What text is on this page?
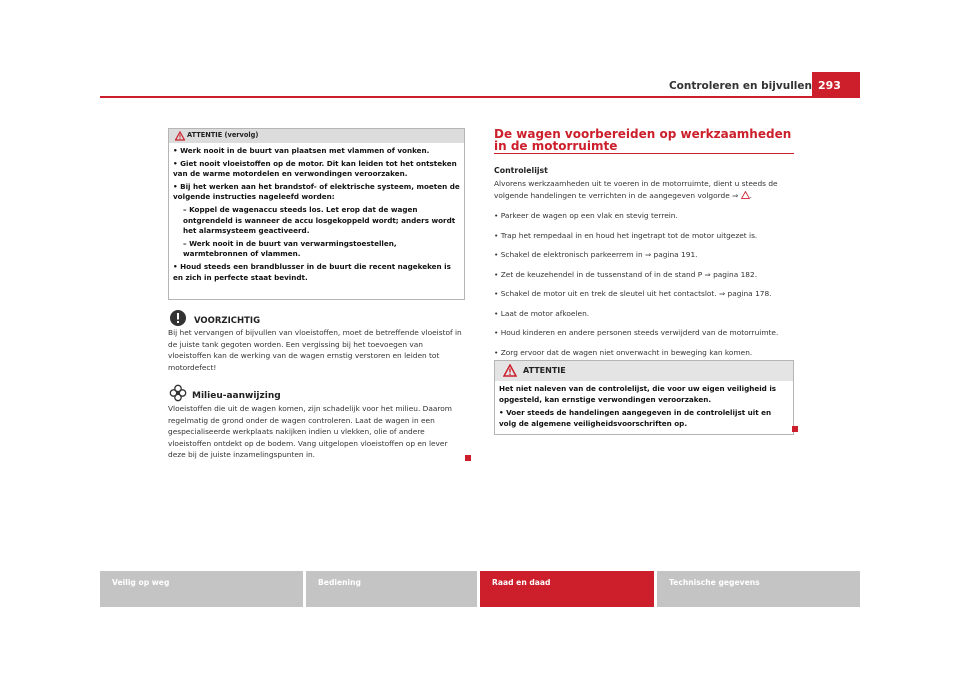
Controleren en bijvullen 293
ATTENTIE (vervolg)

• Werk nooit in de buurt van plaatsen met vlammen of vonken.

• Giet nooit vloeistoffen op de motor. Dit kan leiden tot het ontsteken van de warme motordelen en verwondingen veroorzaken.

• Bij het werken aan het brandstof- of elektrische systeem, moeten de volgende instructies nageleefd worden:

– Koppel de wagenaccu steeds los. Let erop dat de wagen ontgrendeld is wanneer de accu losgekoppeld wordt; anders wordt het alarmsysteem geactiveerd.

– Werk nooit in de buurt van verwarmingstoestellen, warmtebronnen of vlammen.

• Houd steeds een brandblusser in de buurt die recent nagekeken is en zich in perfecte staat bevindt.

VOORZICHTIG
Bij het vervangen of bijvullen van vloeistoffen, moet de betreffende vloeistof in de juiste tank gegoten worden. Een vergissing bij het toevoegen van vloeistoffen kan de werking van de wagen ernstig verstoren en leiden tot motordefect!
Milieu-aanwijzing
Vloeistoffen die uit de wagen komen, zijn schadelijk voor het milieu. Daarom regelmatig de grond onder de wagen controleren. Laat de wagen in een gespecialiseerde werkplaats nakijken indien u vlekken, olie of andere vloeistoffen ontdekt op de bodem. Vang uitgelopen vloeistoffen op en lever deze bij de juiste inzamelingspunten in.
De wagen voorbereiden op werkzaamheden in de motorruimte
Controlelijst
Alvorens werkzaamheden uit te voeren in de motorruimte, dient u steeds de volgende handelingen te verrichten in de aangegeven volgorde ⇒ .

• Parkeer de wagen op een vlak en stevig terrein.

• Trap het rempedaal in en houd het ingetrapt tot de motor uitgezet is.

• Schakel de elektronisch parkeerrem in ⇒ pagina 191.

• Zet de keuzehendel in de tussenstand of in de stand P ⇒ pagina 182.

• Schakel de motor uit en trek de sleutel uit het contactslot. ⇒ pagina 178.

• Laat de motor afkoelen.

• Houd kinderen en andere personen steeds verwijderd van de motorruimte.

• Zorg ervoor dat de wagen niet onverwacht in beweging kan komen.

ATTENTIE

Het niet naleven van de controlelijst, die voor uw eigen veiligheid is opgesteld, kan ernstige verwondingen veroorzaken.

• Voer steeds de handelingen aangegeven in de controlelijst uit en volg de algemene veiligheidsvoorschriften op.

Veilig op weg	Bediening	Raad en daad	Technische gegevens
